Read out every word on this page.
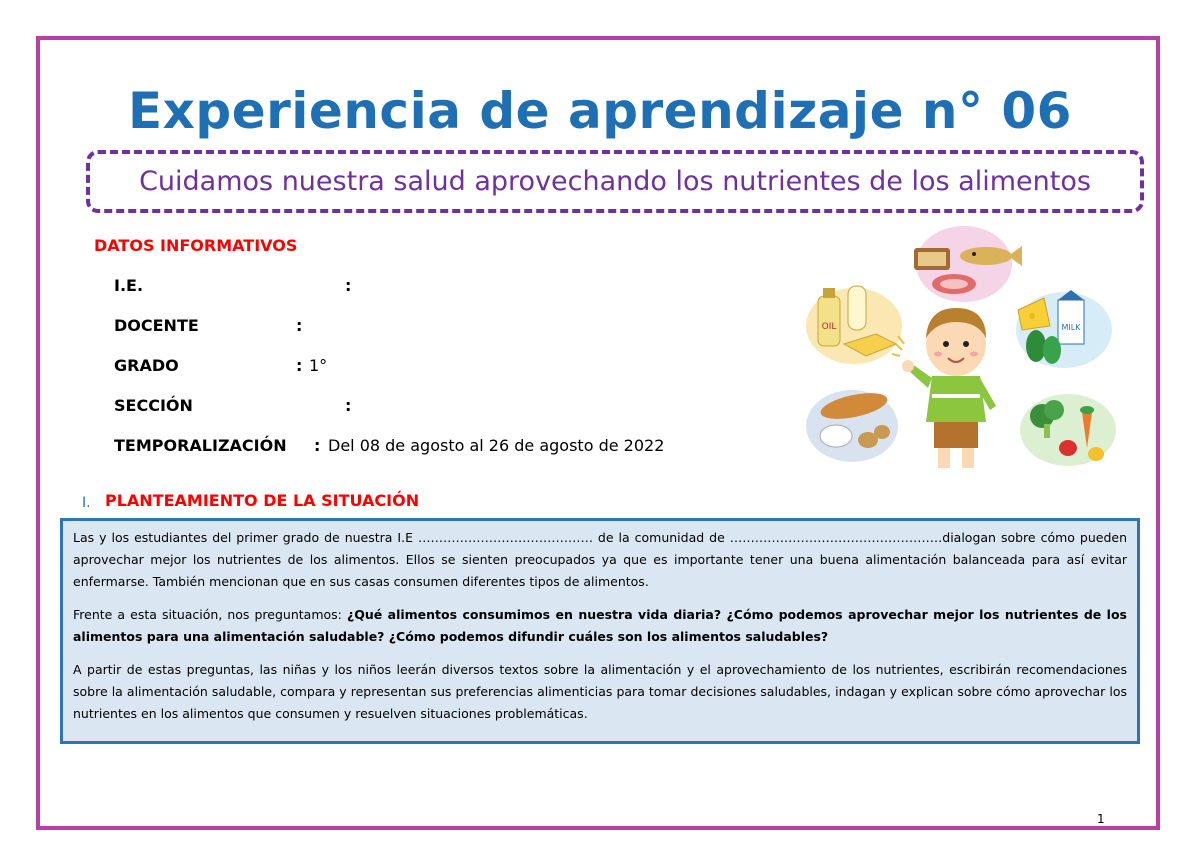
Experiencia de aprendizaje n° 06
Cuidamos nuestra salud aprovechando los nutrientes de los alimentos
DATOS INFORMATIVOS
I.E.	:
DOCENTE	:
GRADO	: 1°
SECCIÓN	:
TEMPORALIZACIÓN : Del 08 de agosto al 26 de agosto de 2022
OIL	MILK
I. PLANTEAMIENTO DE LA SITUACIÓN

Las y los estudiantes del primer grado de nuestra I.E …………………………………… de la comunidad de ……………………………………………dialogan sobre cómo pueden aprovechar mejor los nutrientes de los alimentos. Ellos se sienten preocupados ya que es importante tener una buena alimentación balanceada para así evitar enfermarse. También mencionan que en sus casas consumen diferentes tipos de alimentos.

Frente a esta situación, nos preguntamos: ¿Qué alimentos consumimos en nuestra vida diaria? ¿Cómo podemos aprovechar mejor los nutrientes de los alimentos para una alimentación saludable? ¿Cómo podemos difundir cuáles son los alimentos saludables?

A partir de estas preguntas, las niñas y los niños leerán diversos textos sobre la alimentación y el aprovechamiento de los nutrientes, escribirán recomendaciones sobre la alimentación saludable, compara y representan sus preferencias alimenticias para tomar decisiones saludables, indagan y explican sobre cómo aprovechar los nutrientes en los alimentos que consumen y resuelven situaciones problemáticas.

1
